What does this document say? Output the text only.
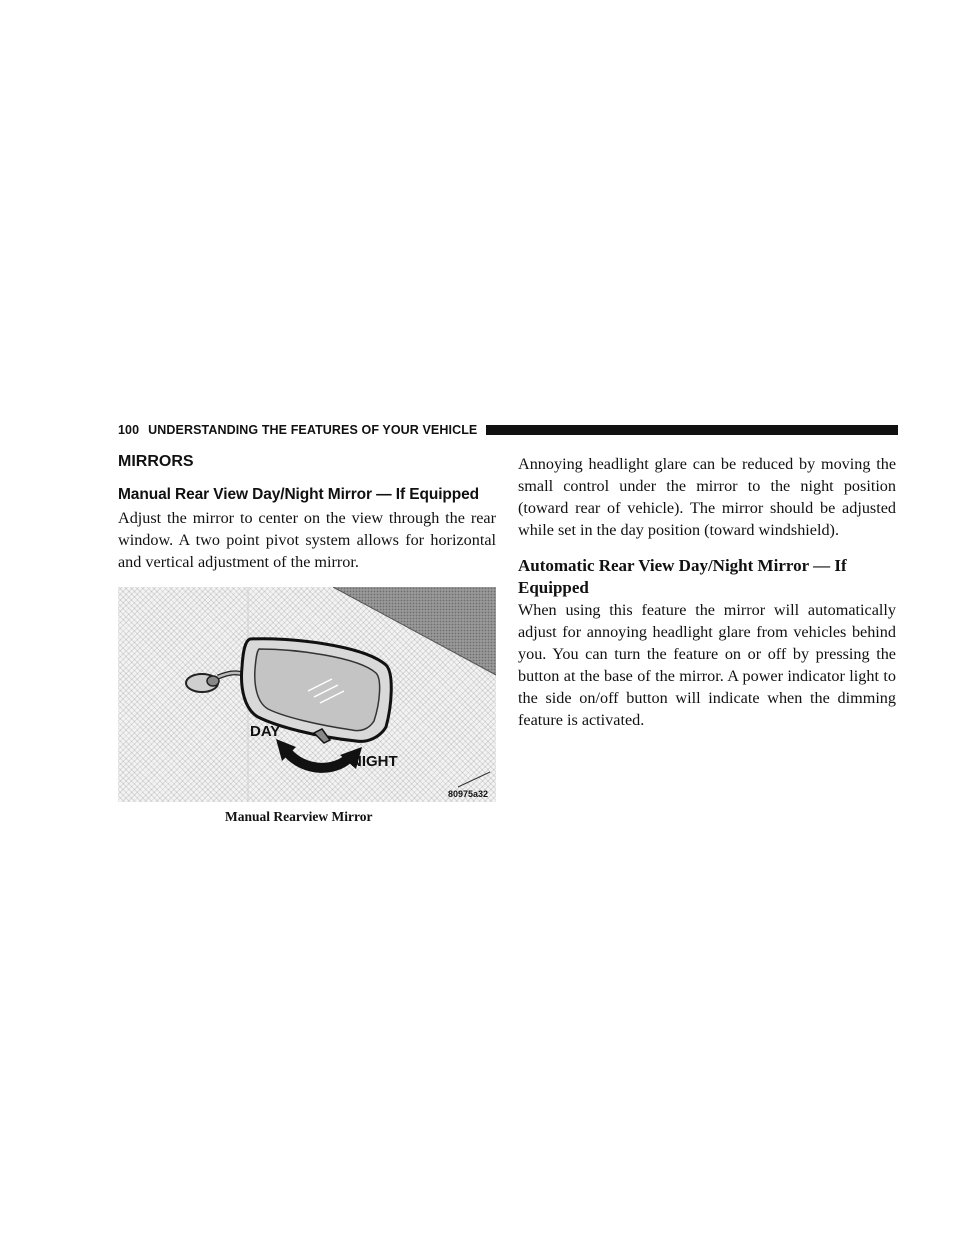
100 UNDERSTANDING THE FEATURES OF YOUR VEHICLE
MIRRORS
Manual Rear View Day/Night Mirror — If Equipped

Adjust the mirror to center on the view through the rear window. A two point pivot system allows for horizontal and vertical adjustment of the mirror.

DAY
NIGHT
80975a32
Manual Rearview Mirror

Annoying headlight glare can be reduced by moving the small control under the mirror to the night position (toward rear of vehicle). The mirror should be adjusted while set in the day position (toward windshield).

Automatic Rear View Day/Night Mirror — If Equipped

When using this feature the mirror will automatically adjust for annoying headlight glare from vehicles behind you. You can turn the feature on or off by pressing the button at the base of the mirror. A power indicator light to the side on/off button will indicate when the dimming feature is activated.
